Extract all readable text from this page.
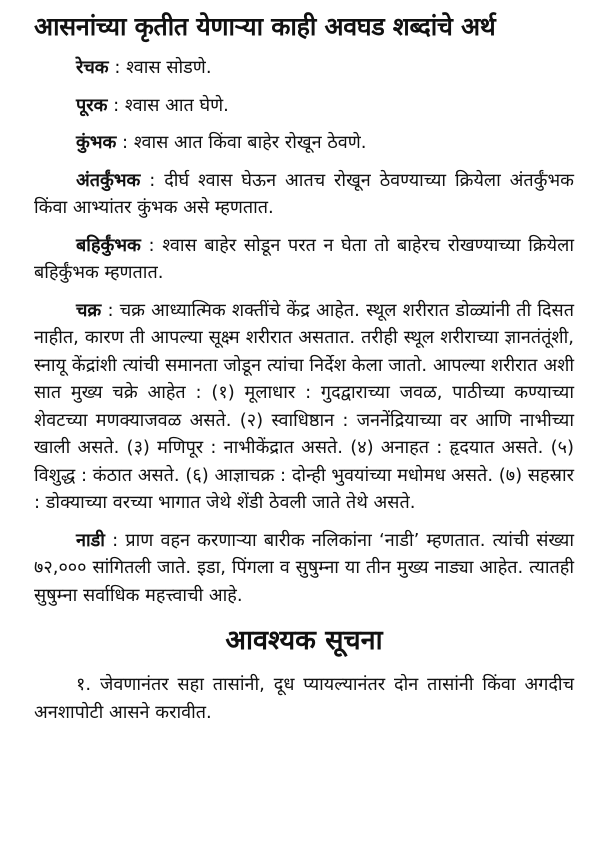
आसनांच्या कृतीत येणाऱ्या काही अवघड शब्दांचे अर्थ

रेचक : श्वास सोडणे.

पूरक : श्वास आत घेणे.

कुंभक : श्वास आत किंवा बाहेर रोखून ठेवणे.

अंतर्कुंभक : दीर्घ श्वास घेऊन आतच रोखून ठेवण्याच्या क्रियेला अंतर्कुंभक किंवा आभ्यांतर कुंभक असे म्हणतात.

बहिर्कुंभक : श्वास बाहेर सोडून परत न घेता तो बाहेरच रोखण्याच्या क्रियेला बहिर्कुंभक म्हणतात.

चक्र : चक्र आध्यात्मिक शक्तींचे केंद्र आहेत. स्थूल शरीरात डोळ्यांनी ती दिसत नाहीत, कारण ती आपल्या सूक्ष्म शरीरात असतात. तरीही स्थूल शरीराच्या ज्ञानतंतूंशी, स्नायू केंद्रांशी त्यांची समानता जोडून त्यांचा निर्देश केला जातो. आपल्या शरीरात अशी सात मुख्य चक्रे आहेत : (१) मूलाधार : गुदद्वाराच्या जवळ, पाठीच्या कण्याच्या शेवटच्या मणक्याजवळ असते. (२) स्वाधिष्ठान : जननेंद्रियाच्या वर आणि नाभीच्या खाली असते. (३) मणिपूर : नाभीकेंद्रात असते. (४) अनाहत : हृदयात असते. (५) विशुद्ध : कंठात असते. (६) आज्ञाचक्र : दोन्ही भुवयांच्या मधोमध असते. (७) सहस्रार : डोक्याच्या वरच्या भागात जेथे शेंडी ठेवली जाते तेथे असते.

नाडी : प्राण वहन करणाऱ्या बारीक नलिकांना ‘नाडी’ म्हणतात. त्यांची संख्या ७२,००० सांगितली जाते. इडा, पिंगला व सुषुम्ना या तीन मुख्य नाड्या आहेत. त्यातही सुषुम्ना सर्वाधिक महत्त्वाची आहे.

आवश्यक सूचना

१. जेवणानंतर सहा तासांनी, दूध प्यायल्यानंतर दोन तासांनी किंवा अगदीच अनशापोटी आसने करावीत.
